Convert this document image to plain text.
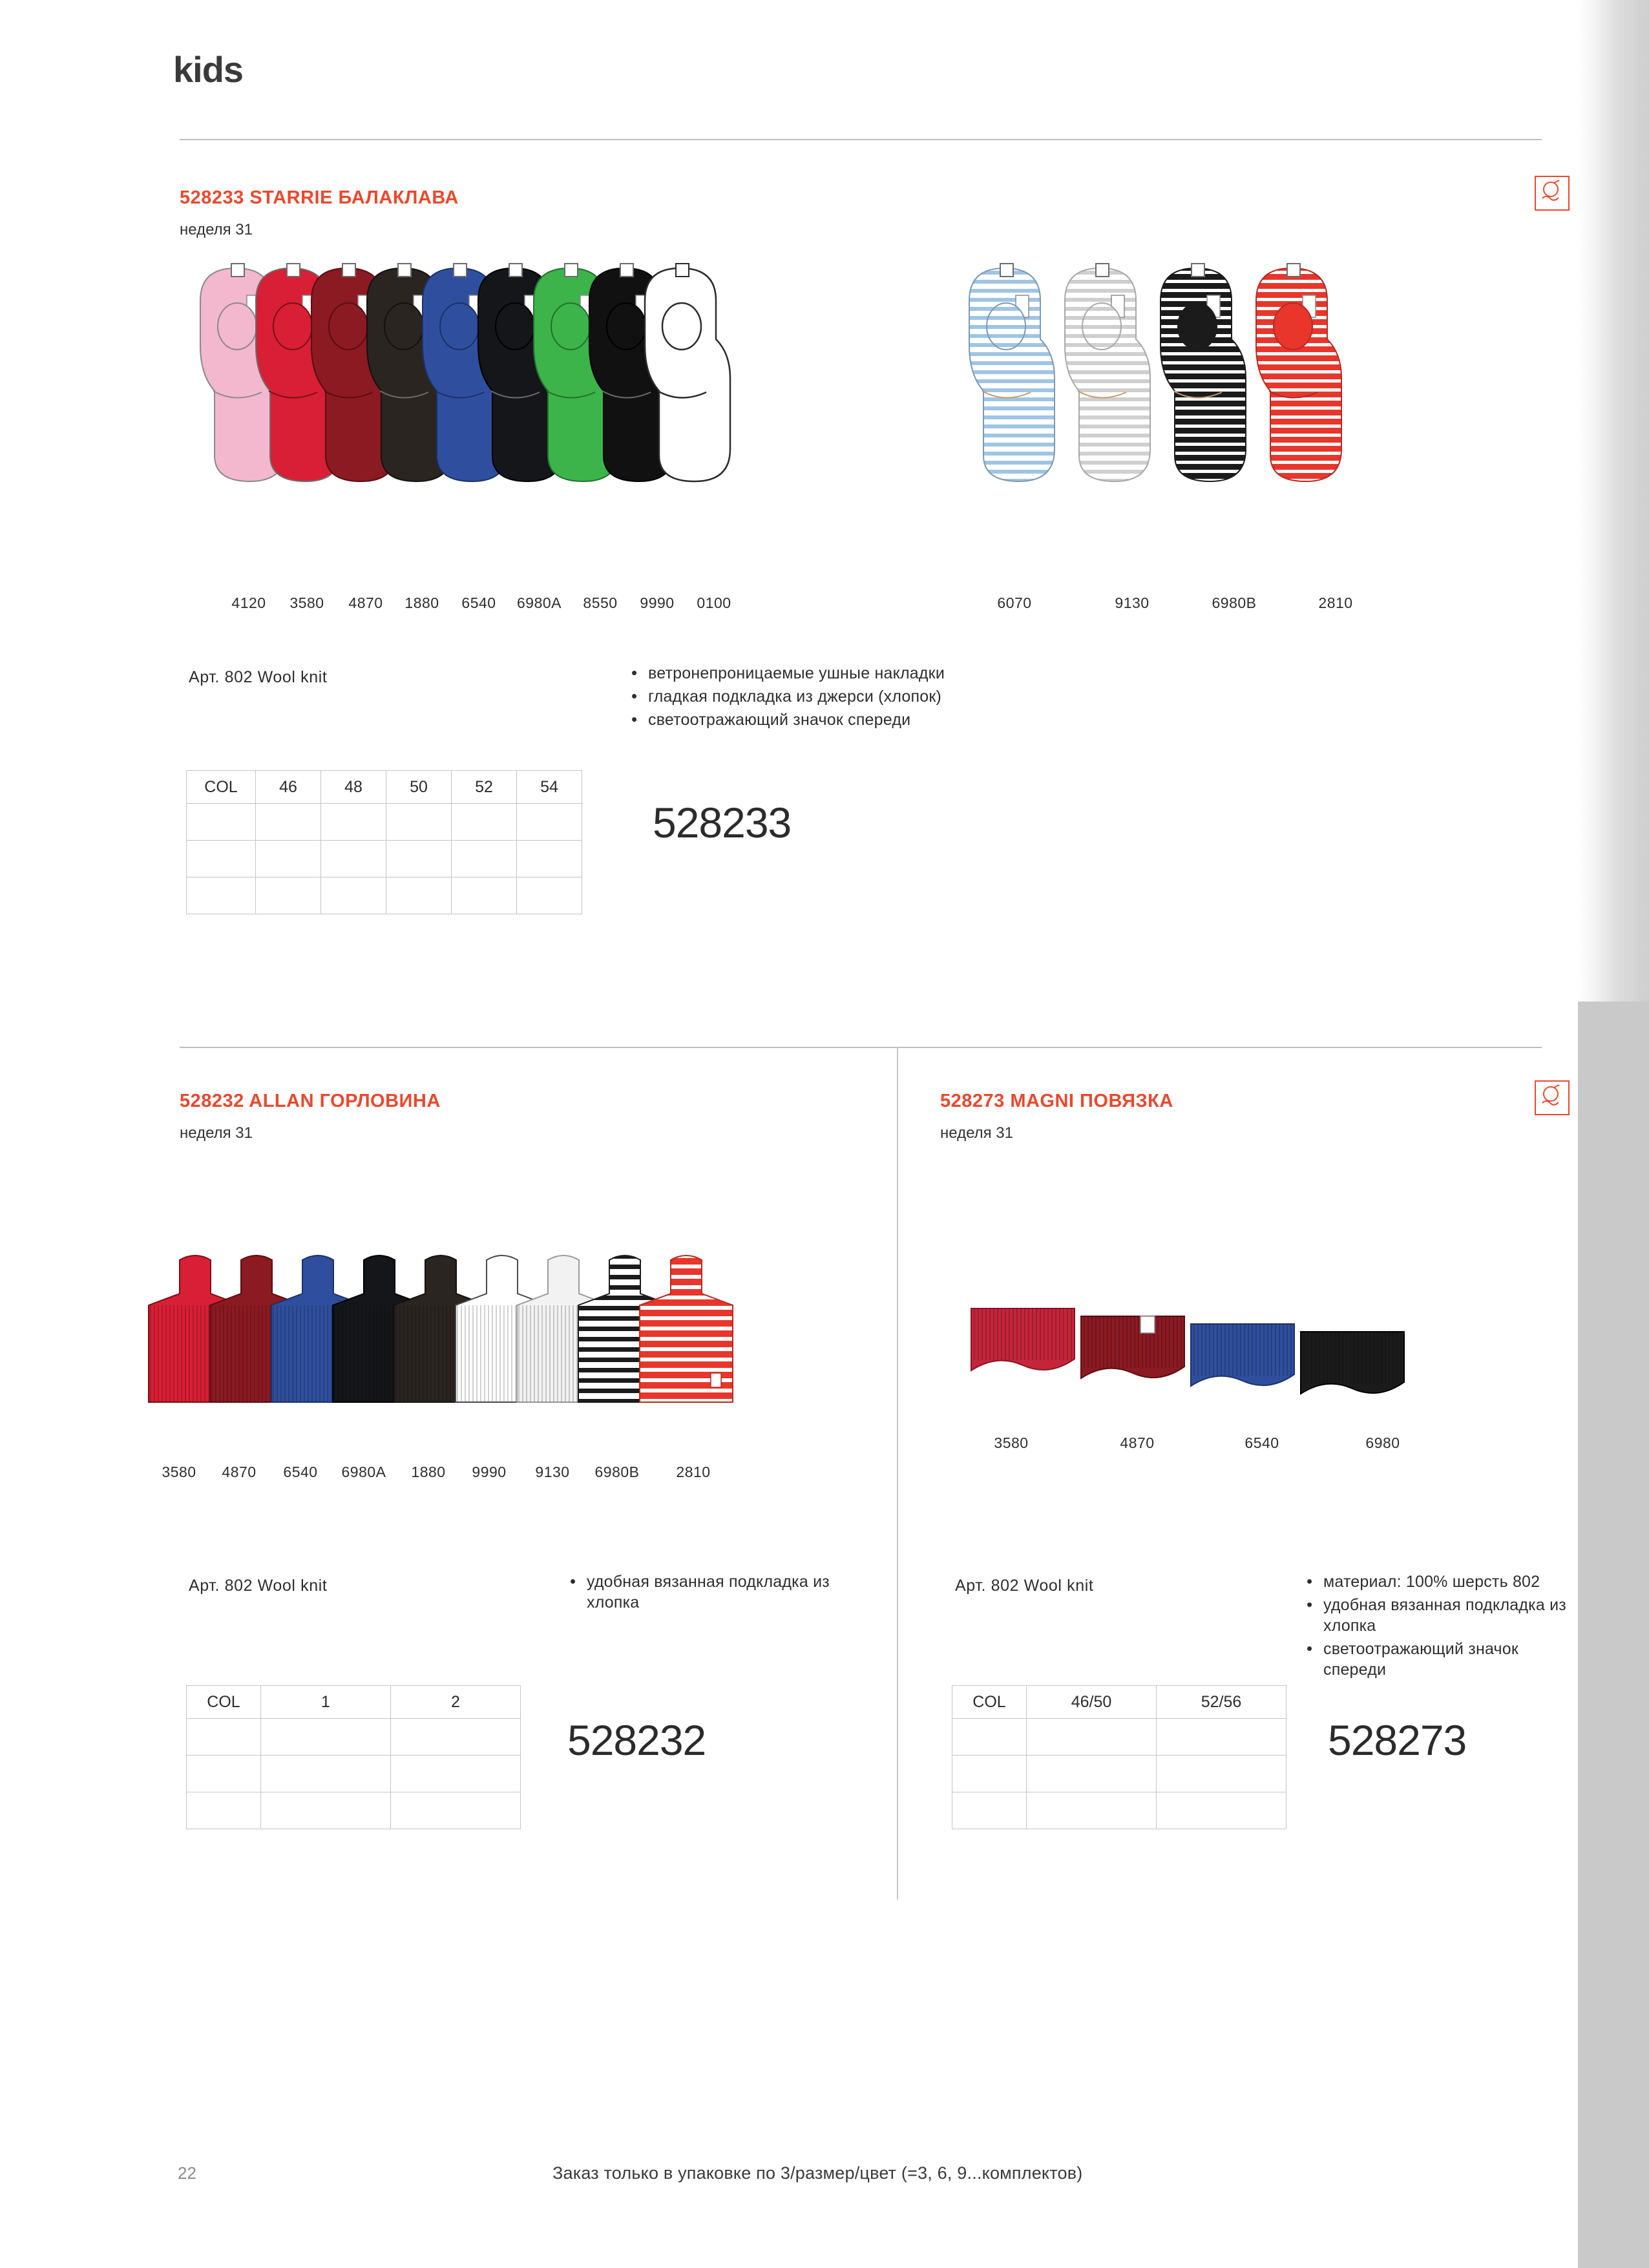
kids
528233 STARRIE БАЛАКЛАВА
неделя 31
4120	3580	4870	1880	6540	6980A	8550	9990	0100	6070	9130	6980B	2810
Арт. 802 Wool knit	• ветронепроницаемые ушные накладки
• гладкая подкладка из джерси (хлопок)
• светоотражающий значок спереди
528233
COL	46	48	50	52	54

528232 ALLAN ГОРЛОВИНА
неделя 31
3580	4870	6540	6980A	1880	9990	9130	6980B	2810
Арт. 802 Wool knit	• удобная вязанная подкладка из хлопка
528232
COL	1	2

528273 MAGNI ПОВЯЗКА
неделя 31
3580	4870	6540	6980
Арт. 802 Wool knit	• материал: 100% шерсть 802
• удобная вязанная подкладка из хлопка
• светоотражающий значок спереди
528273
COL	46/50	52/56

22	Заказ только в упаковке по 3/размер/цвет (=3, 6, 9...комплектов)
